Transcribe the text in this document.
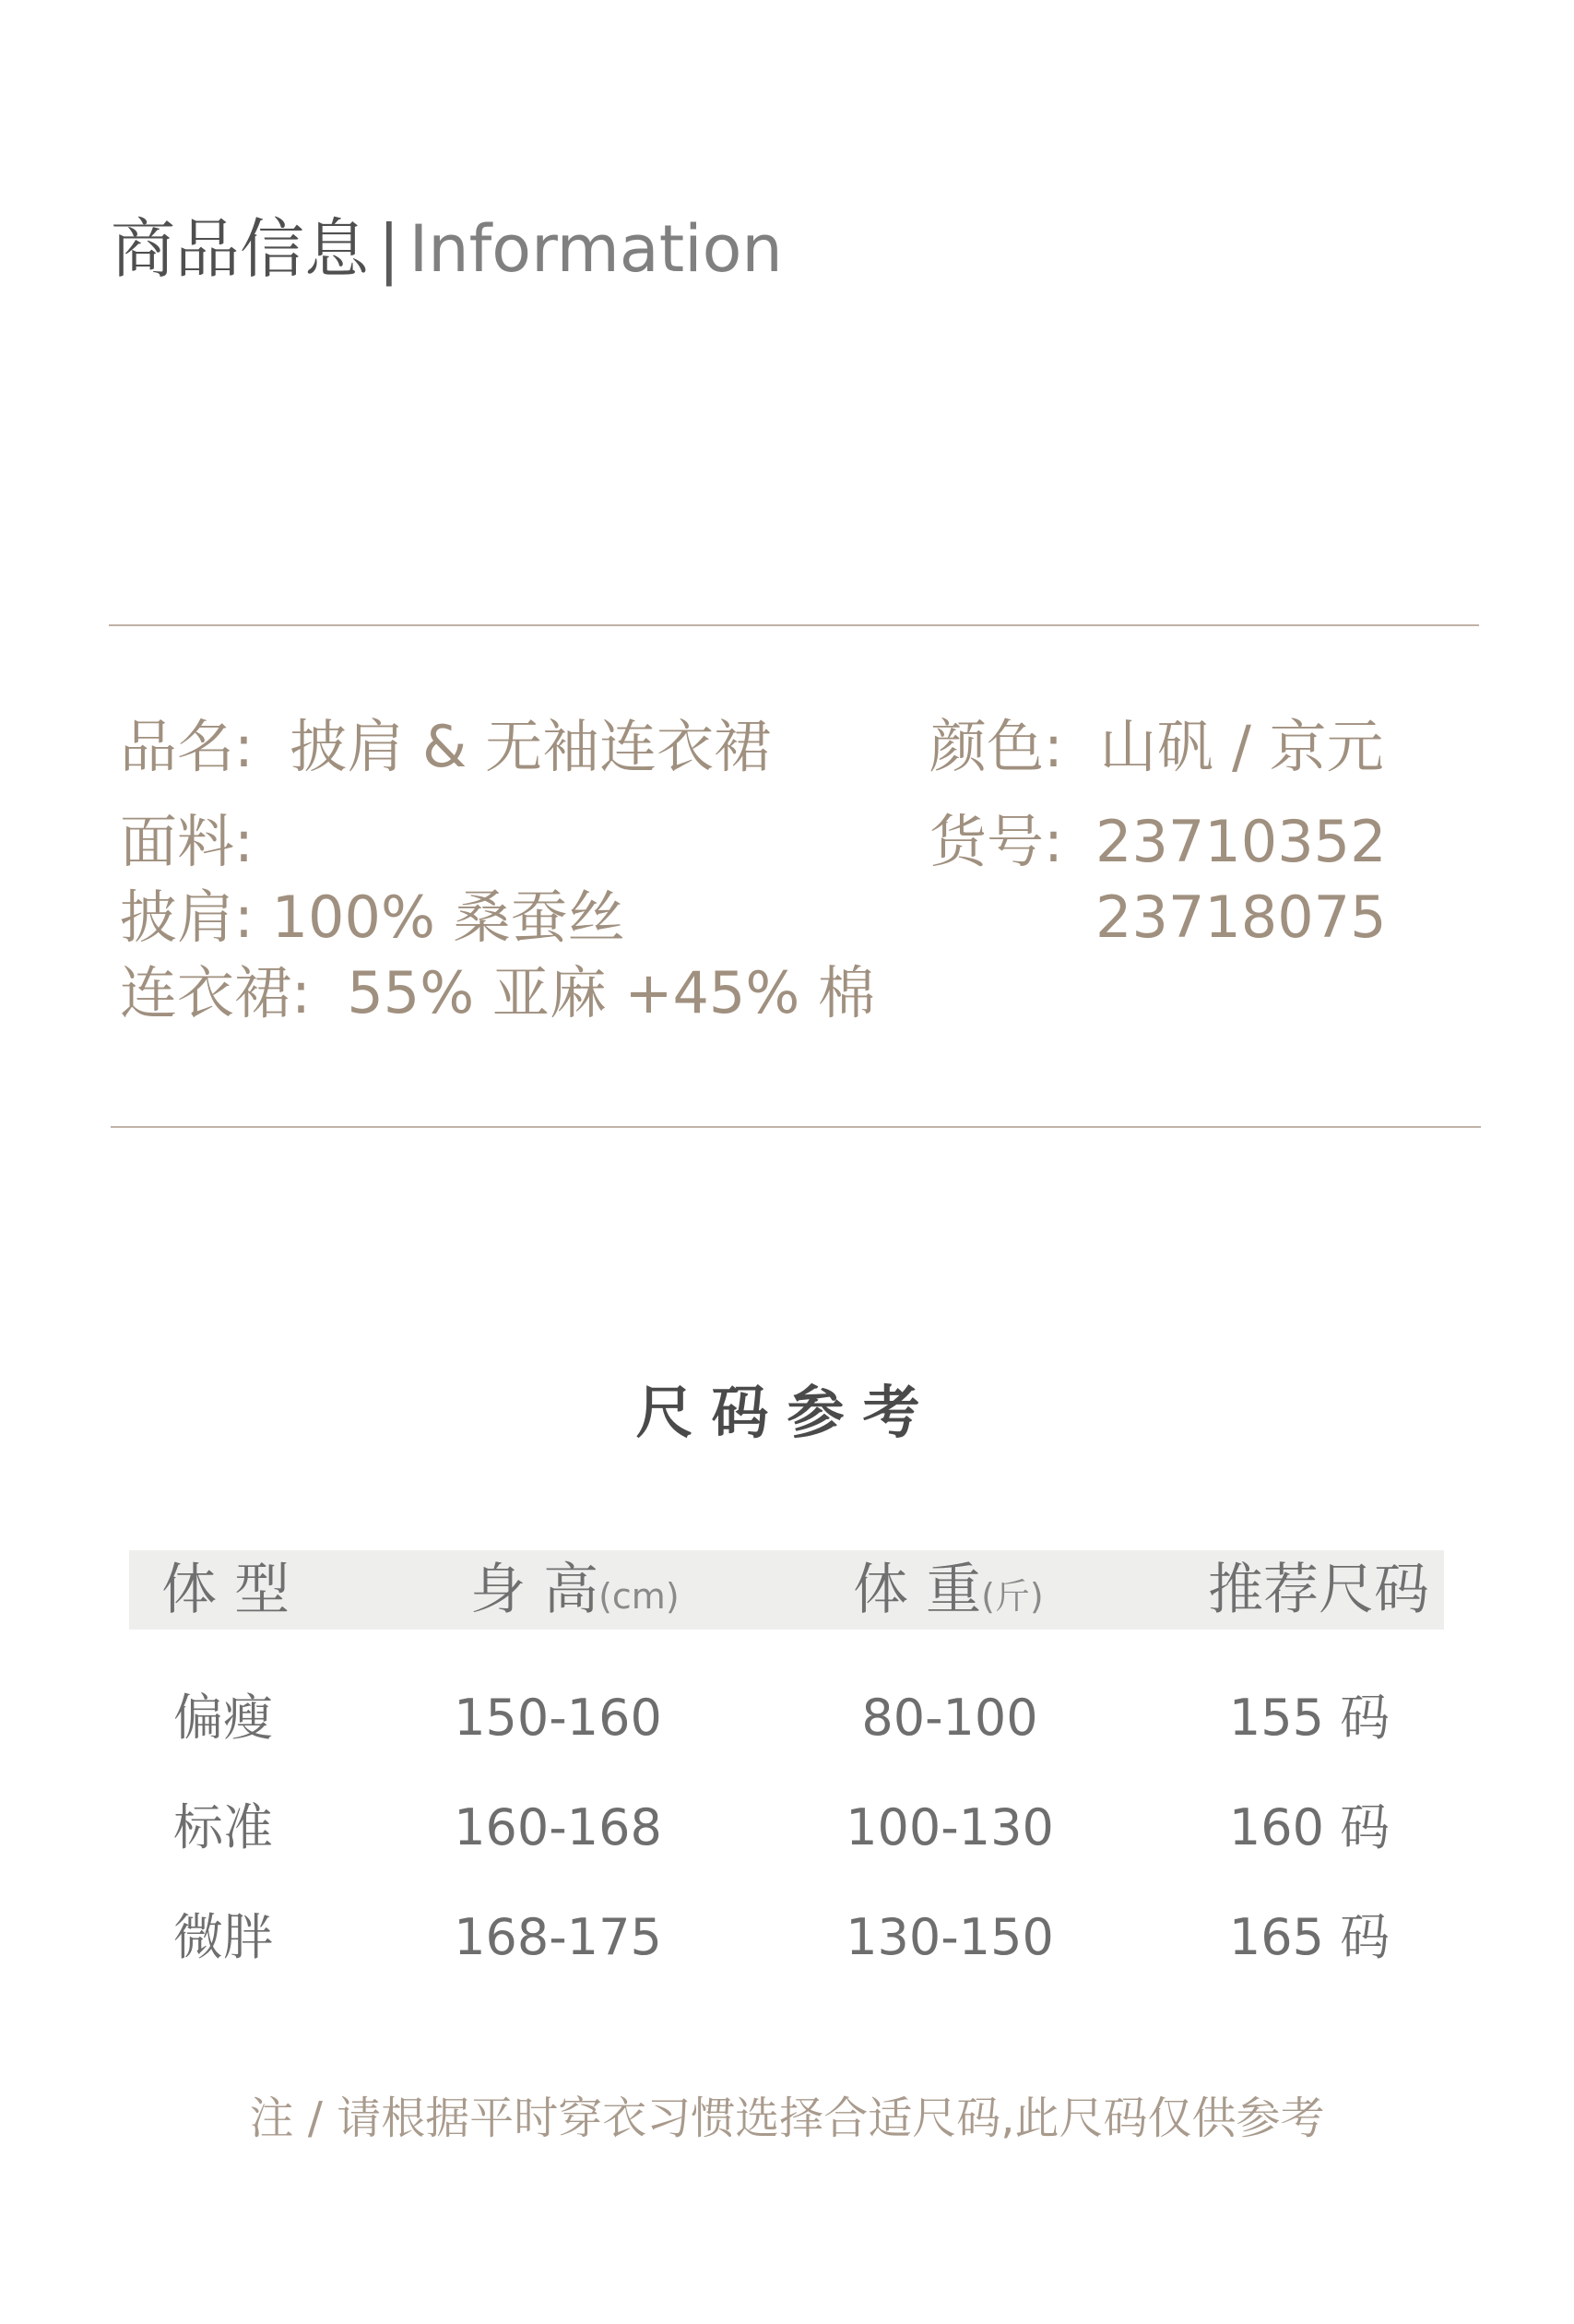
商品信息 | Information
品名: 披肩 & 无袖连衣裙
面料:
披肩: 100% 桑蚕丝
连衣裙: 55% 亚麻 +45% 棉
颜色: 山矾 / 京元
货号: 23710352
23718075
尺码参考
体 型	身 高(cm)	体 重(斤)	推荐尺码
偏瘦	150-160	80-100	155 码
标准	160-168	100-130	160 码
微胖	168-175	130-150	165 码
注 / 请根据平时穿衣习惯选择合适尺码,此尺码仅供参考
